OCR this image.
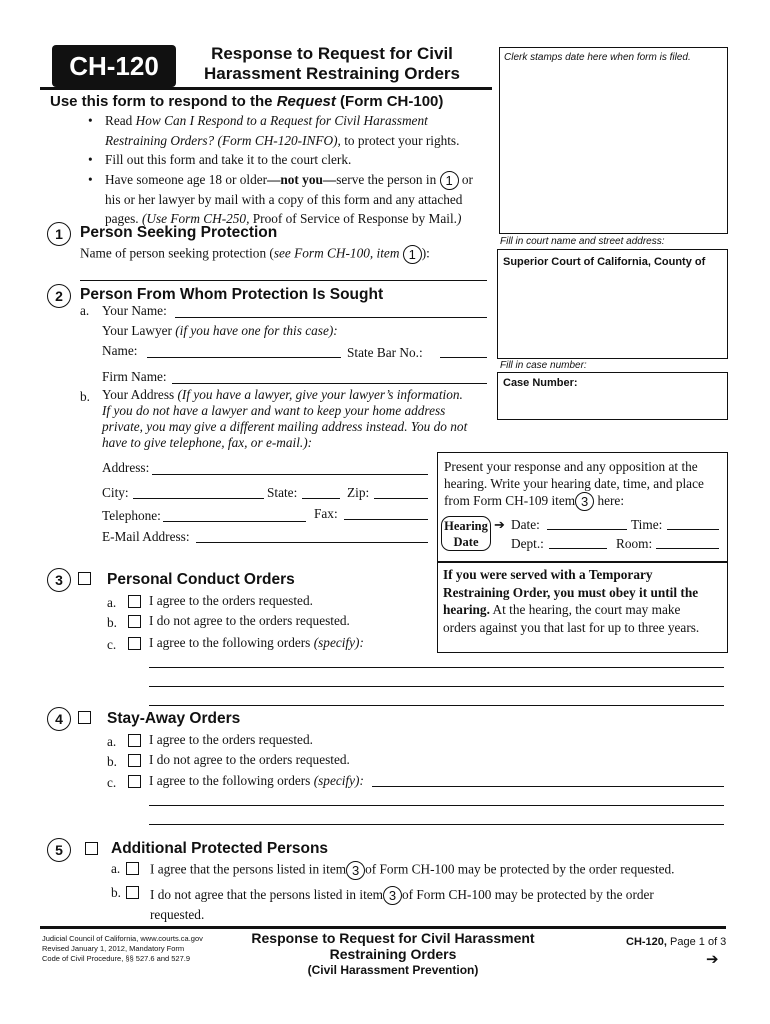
CH-120	Response to Request for Civil
Harassment Restraining Orders
Clerk stamps date here when form is filed.
Fill in court name and street address:
Superior Court of California, County of
Fill in case number:
Case Number:
Use this form to respond to the Request (Form CH-100)
• Read How Can I Respond to a Request for Civil Harassment
Restraining Orders? (Form CH-120-INFO), to protect your rights.
• Fill out this form and take it to the court clerk.
• Have someone age 18 or older—not you—serve the person in 1 or
his or her lawyer by mail with a copy of this form and any attached
pages. (Use Form CH-250, Proof of Service of Response by Mail.)
1	Person Seeking Protection
Name of person seeking protection (see Form CH-100, item 1 ):
2	Person From Whom Protection Is Sought
a. Your Name:
Your Lawyer (if you have one for this case):
Name:	State Bar No.:
Firm Name:
b. Your Address (If you have a lawyer, give your lawyer’s information.
If you do not have a lawyer and want to keep your home address
private, you may give a different mailing address instead. You do not
have to give telephone, fax, or e-mail.):
Address:
City:	State:	Zip:
Telephone:	Fax:
E-Mail Address:
Present your response and any opposition at the
hearing. Write your hearing date, time, and place
from Form CH-109 item 3 here:
Hearing
Date
➔ Date:	Time:
Dept.:	Room:
If you were served with a Temporary
Restraining Order, you must obey it until the
hearing. At the hearing, the court may make
orders against you that last for up to three years.
3	Personal Conduct Orders
a. I agree to the orders requested.
b. I do not agree to the orders requested.
c. I agree to the following orders (specify):
4	Stay-Away Orders
a. I agree to the orders requested.
b. I do not agree to the orders requested.
c. I agree to the following orders (specify):
5	Additional Protected Persons
a. I agree that the persons listed in item 3 of Form CH-100 may be protected by the order requested.
b. I do not agree that the persons listed in item 3 of Form CH-100 may be protected by the order
requested.
Judicial Council of California, www.courts.ca.gov
Revised January 1, 2012, Mandatory Form
Code of Civil Procedure, §§ 527.6 and 527.9
Response to Request for Civil Harassment
Restraining Orders
(Civil Harassment Prevention)
CH-120, Page 1 of 3
➔
